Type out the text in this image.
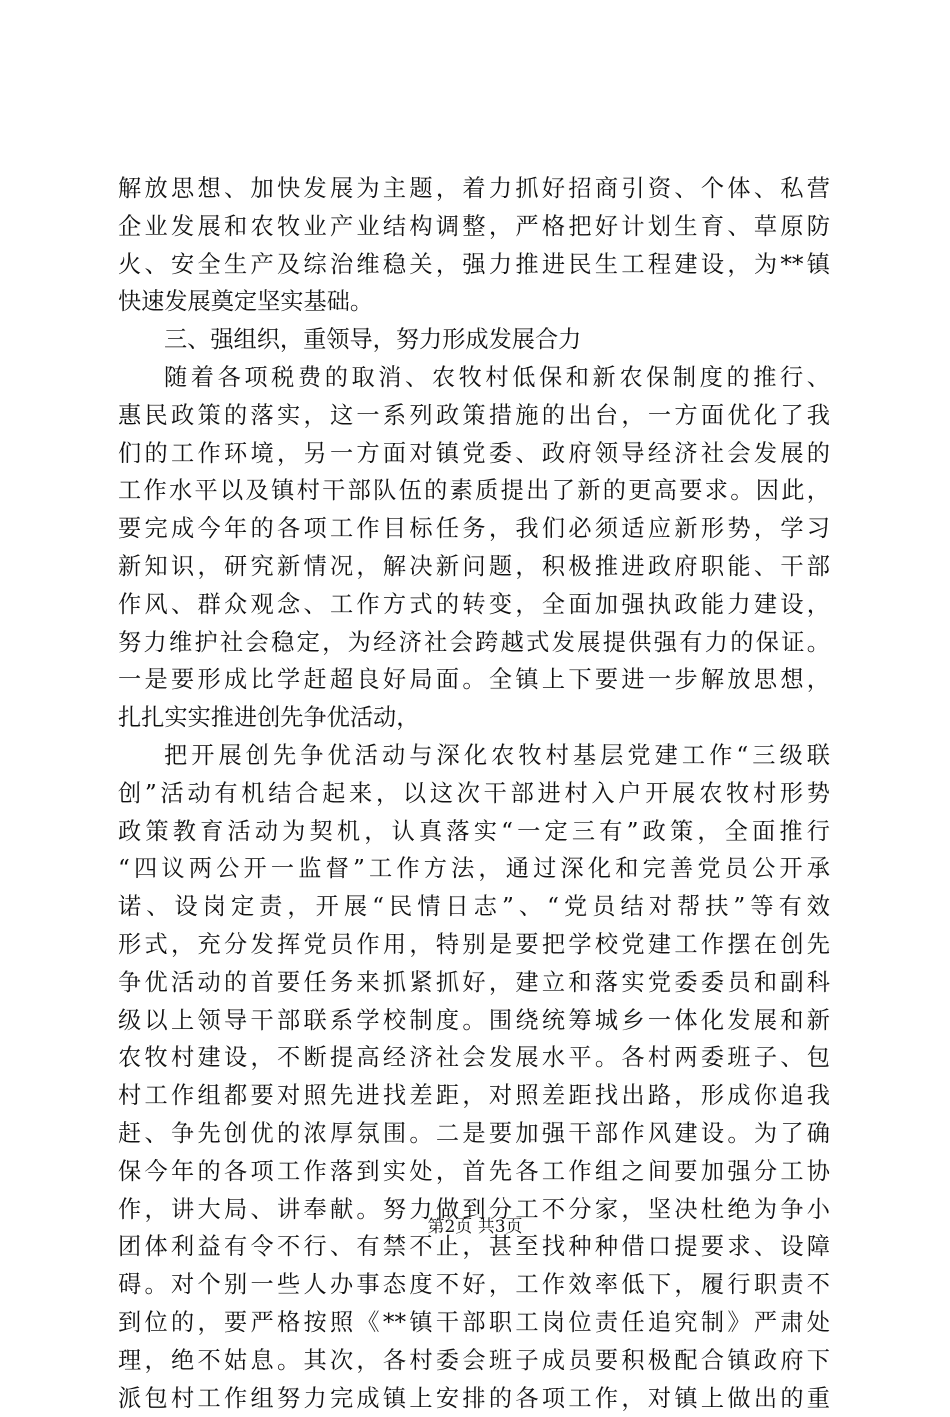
解放思想、加快发展为主题，着力抓好招商引资、个体、私营
企业发展和农牧业产业结构调整，严格把好计划生育、草原防
火、安全生产及综治维稳关，强力推进民生工程建设，为**镇
快速发展奠定坚实基础。
三、强组织，重领导，努力形成发展合力
随着各项税费的取消、农牧村低保和新农保制度的推行、
惠民政策的落实，这一系列政策措施的出台，一方面优化了我
们的工作环境，另一方面对镇党委、政府领导经济社会发展的
工作水平以及镇村干部队伍的素质提出了新的更高要求。因此，
要完成今年的各项工作目标任务，我们必须适应新形势，学习
新知识，研究新情况，解决新问题，积极推进政府职能、干部
作风、群众观念、工作方式的转变，全面加强执政能力建设，
努力维护社会稳定，为经济社会跨越式发展提供强有力的保证。
一是要形成比学赶超良好局面。全镇上下要进一步解放思想，
扎扎实实推进创先争优活动，
把开展创先争优活动与深化农牧村基层党建工作“三级联
创”活动有机结合起来，以这次干部进村入户开展农牧村形势
政策教育活动为契机，认真落实“一定三有”政策，全面推行
“四议两公开一监督”工作方法，通过深化和完善党员公开承
诺、设岗定责，开展“民情日志”、“党员结对帮扶”等有效
形式，充分发挥党员作用，特别是要把学校党建工作摆在创先
争优活动的首要任务来抓紧抓好，建立和落实党委委员和副科
级以上领导干部联系学校制度。围绕统筹城乡一体化发展和新
农牧村建设，不断提高经济社会发展水平。各村两委班子、包
村工作组都要对照先进找差距，对照差距找出路，形成你追我
赶、争先创优的浓厚氛围。二是要加强干部作风建设。为了确
保今年的各项工作落到实处，首先各工作组之间要加强分工协
作，讲大局、讲奉献。努力做到分工不分家，坚决杜绝为争小
团体利益有令不行、有禁不止，甚至找种种借口提要求、设障
碍。对个别一些人办事态度不好，工作效率低下，履行职责不
到位的，要严格按照《**镇干部职工岗位责任追究制》严肃处
理，绝不姑息。其次，各村委会班子成员要积极配合镇政府下
派包村工作组努力完成镇上安排的各项工作，对镇上做出的重
第2页 共3页
